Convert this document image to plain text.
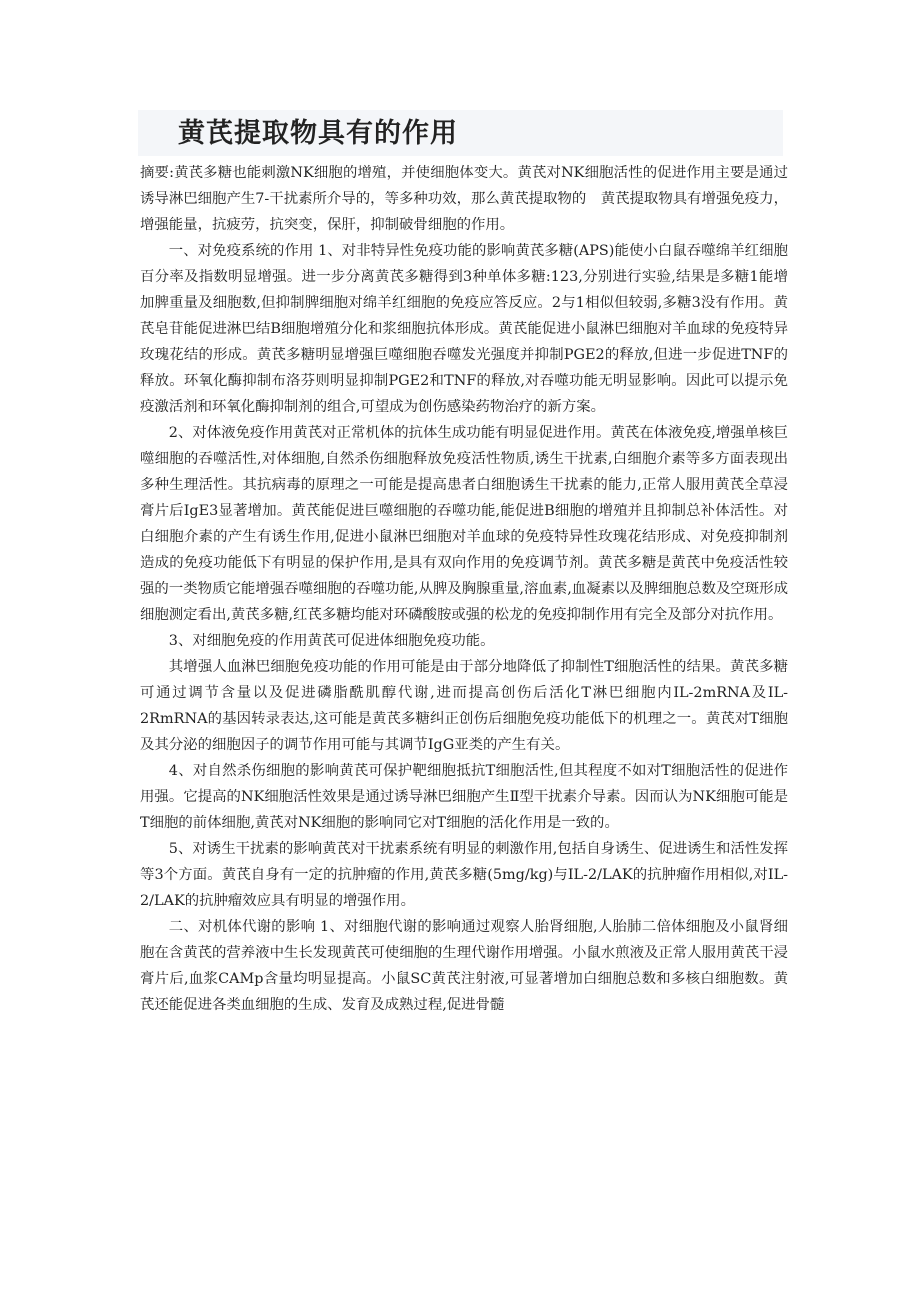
黄芪提取物具有的作用

摘要:黄芪多糖也能刺激NK细胞的增殖，并使细胞体变大。黄芪对NK细胞活性的促进作用主要是通过诱导淋巴细胞产生7-干扰素所介导的，等多种功效，那么黄芪提取物的　黄芪提取物具有增强免疫力，增强能量，抗疲劳，抗突变，保肝，抑制破骨细胞的作用。

一、对免疫系统的作用 1、对非特异性免疫功能的影响黄芪多糖(APS)能使小白鼠吞噬绵羊红细胞百分率及指数明显增强。进一步分离黄芪多糖得到3种单体多糖:123,分别进行实验,结果是多糖1能增加脾重量及细胞数,但抑制脾细胞对绵羊红细胞的免疫应答反应。2与1相似但较弱,多糖3没有作用。黄芪皂苷能促进淋巴结B细胞增殖分化和浆细胞抗体形成。黄芪能促进小鼠淋巴细胞对羊血球的免疫特异玫瑰花结的形成。黄芪多糖明显增强巨噬细胞吞噬发光强度并抑制PGE2的释放,但进一步促进TNF的释放。环氧化酶抑制布洛芬则明显抑制PGE2和TNF的释放,对吞噬功能无明显影响。因此可以提示免疫激活剂和环氧化酶抑制剂的组合,可望成为创伤感染药物治疗的新方案。

2、对体液免疫作用黄芪对正常机体的抗体生成功能有明显促进作用。黄芪在体液免疫,增强单核巨噬细胞的吞噬活性,对体细胞,自然杀伤细胞释放免疫活性物质,诱生干扰素,白细胞介素等多方面表现出多种生理活性。其抗病毒的原理之一可能是提高患者白细胞诱生干扰素的能力,正常人服用黄芪全草浸膏片后IgE3显著增加。黄芪能促进巨噬细胞的吞噬功能,能促进B细胞的增殖并且抑制总补体活性。对白细胞介素的产生有诱生作用,促进小鼠淋巴细胞对羊血球的免疫特异性玫瑰花结形成、对免疫抑制剂造成的免疫功能低下有明显的保护作用,是具有双向作用的免疫调节剂。黄芪多糖是黄芪中免疫活性较强的一类物质它能增强吞噬细胞的吞噬功能,从脾及胸腺重量,溶血素,血凝素以及脾细胞总数及空斑形成细胞测定看出,黄芪多糖,红芪多糖均能对环磷酸胺或强的松龙的免疫抑制作用有完全及部分对抗作用。

3、对细胞免疫的作用黄芪可促进体细胞免疫功能。

其增强人血淋巴细胞免疫功能的作用可能是由于部分地降低了抑制性T细胞活性的结果。黄芪多糖可通过调节含量以及促进磷脂酰肌醇代谢,进而提高创伤后活化T淋巴细胞内IL-2mRNA及IL-2RmRNA的基因转录表达,这可能是黄芪多糖纠正创伤后细胞免疫功能低下的机理之一。黄芪对T细胞及其分泌的细胞因子的调节作用可能与其调节IgG亚类的产生有关。

4、对自然杀伤细胞的影响黄芪可保护靶细胞抵抗T细胞活性,但其程度不如对T细胞活性的促进作用强。它提高的NK细胞活性效果是通过诱导淋巴细胞产生Ⅱ型干扰素介导素。因而认为NK细胞可能是T细胞的前体细胞,黄芪对NK细胞的影响同它对T细胞的活化作用是一致的。

5、对诱生干扰素的影响黄芪对干扰素系统有明显的刺激作用,包括自身诱生、促进诱生和活性发挥等3个方面。黄芪自身有一定的抗肿瘤的作用,黄芪多糖(5mg/kg)与IL-2/LAK的抗肿瘤作用相似,对IL-2/LAK的抗肿瘤效应具有明显的增强作用。

二、对机体代谢的影响 1、对细胞代谢的影响通过观察人胎肾细胞,人胎肺二倍体细胞及小鼠肾细胞在含黄芪的营养液中生长发现黄芪可使细胞的生理代谢作用增强。小鼠水煎液及正常人服用黄芪干浸膏片后,血浆CAMp含量均明显提高。小鼠SC黄芪注射液,可显著增加白细胞总数和多核白细胞数。黄芪还能促进各类血细胞的生成、发育及成熟过程,促进骨髓
